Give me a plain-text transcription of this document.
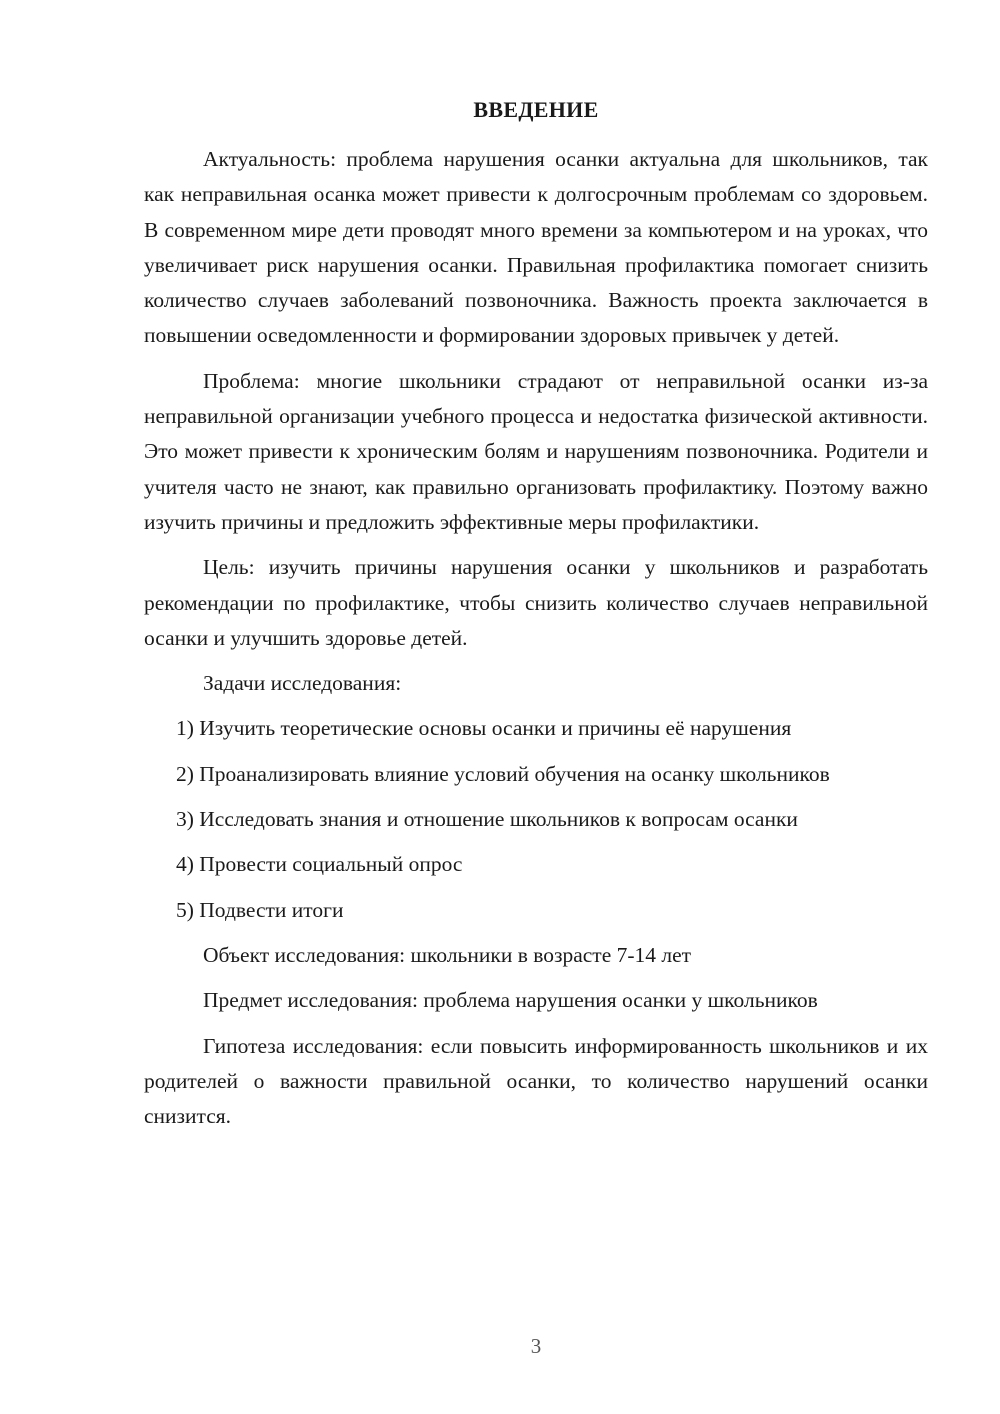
ВВЕДЕНИЕ

Актуальность: проблема нарушения осанки актуальна для школьников, так как неправильная осанка может привести к долгосрочным проблемам со здоровьем. В современном мире дети проводят много времени за компьютером и на уроках, что увеличивает риск нарушения осанки. Правильная профилактика помогает снизить количество случаев заболеваний позвоночника. Важность проекта заключается в повышении осведомленности и формировании здоровых привычек у детей.

Проблема: многие школьники страдают от неправильной осанки из-за неправильной организации учебного процесса и недостатка физической активности. Это может привести к хроническим болям и нарушениям позвоночника. Родители и учителя часто не знают, как правильно организовать профилактику. Поэтому важно изучить причины и предложить эффективные меры профилактики.

Цель: изучить причины нарушения осанки у школьников и разработать рекомендации по профилактике, чтобы снизить количество случаев неправильной осанки и улучшить здоровье детей.

Задачи исследования:

1) Изучить теоретические основы осанки и причины её нарушения

2) Проанализировать влияние условий обучения на осанку школьников

3) Исследовать знания и отношение школьников к вопросам осанки

4) Провести социальный опрос

5) Подвести итоги

Объект исследования: школьники в возрасте 7-14 лет

Предмет исследования: проблема нарушения осанки у школьников

Гипотеза исследования: если повысить информированность школьников и их родителей о важности правильной осанки, то количество нарушений осанки снизится.

3
